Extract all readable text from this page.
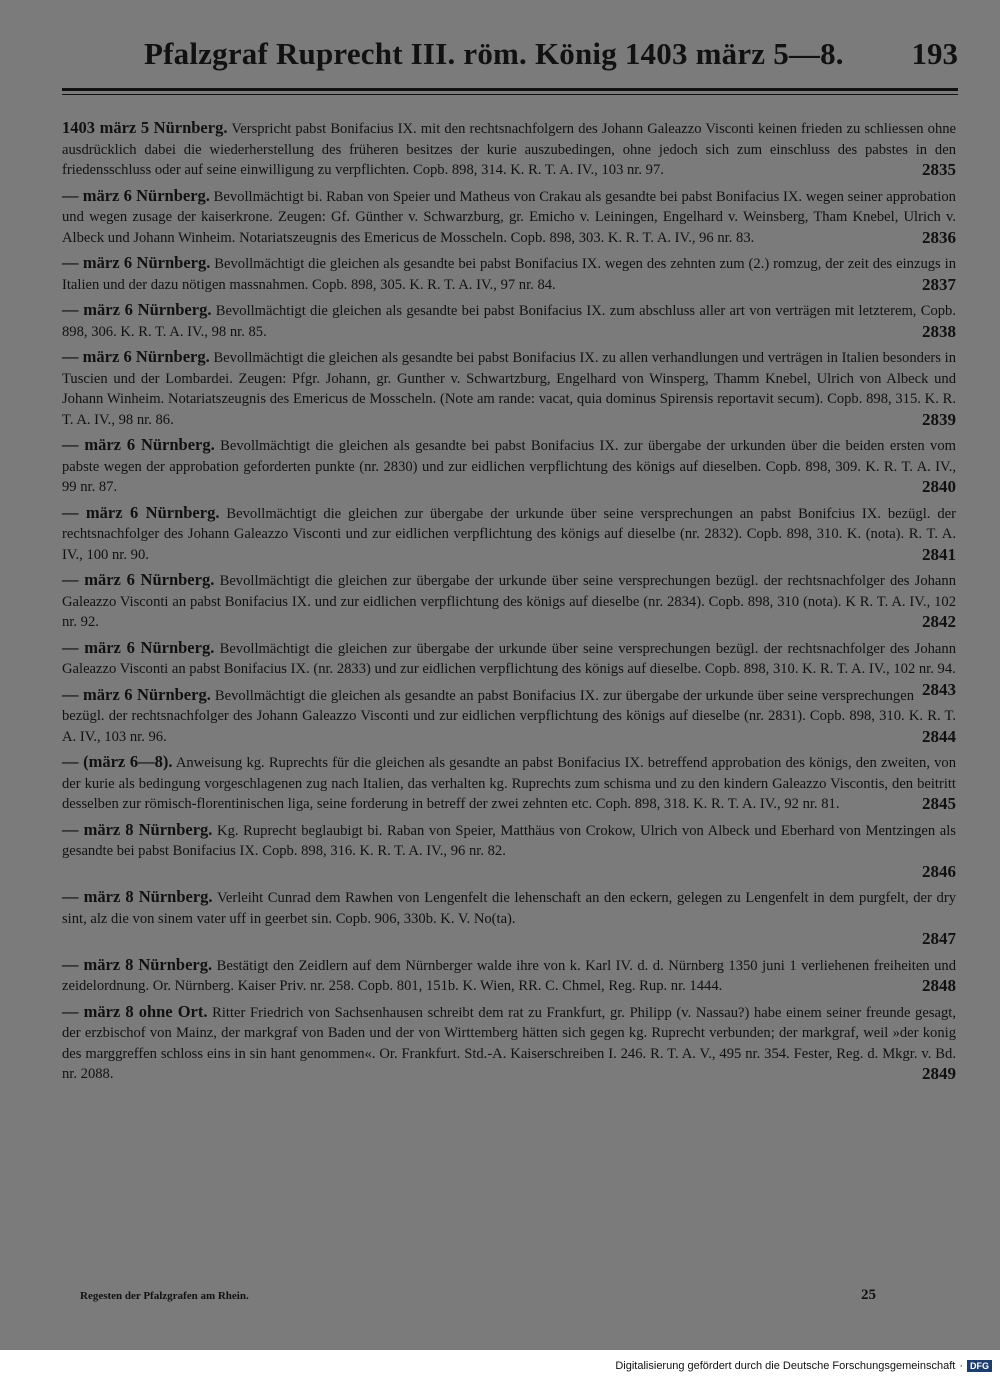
Pfalzgraf Ruprecht III. röm. König 1403 märz 5—8. 193

1403 märz 5 Nürnberg. Verspricht pabst Bonifacius IX. mit den rechtsnachfolgern des Johann Galeazzo Visconti keinen frieden zu schliessen ohne ausdrücklich dabei die wiederherstellung des früheren besitzes der kurie auszubedingen, ohne jedoch sich zum einschluss des pabstes in den friedensschluss oder auf seine einwilligung zu verpflichten. Copb. 898, 314. K. R. T. A. IV., 103 nr. 97.	2835

— märz 6 Nürnberg. Bevollmächtigt bi. Raban von Speier und Matheus von Crakau als gesandte bei pabst Bonifacius IX. wegen seiner approbation und wegen zusage der kaiserkrone. Zeugen: Gf. Günther v. Schwarzburg, gr. Emicho v. Leiningen, Engelhard v. Weinsberg, Tham Knebel, Ulrich v. Albeck und Johann Winheim. Notariatszeugnis des Emericus de Mosscheln. Copb. 898, 303. K. R. T. A. IV., 96 nr. 83.	2836

— märz 6 Nürnberg. Bevollmächtigt die gleichen als gesandte bei pabst Bonifacius IX. wegen des zehnten zum (2.) romzug, der zeit des einzugs in Italien und der dazu nötigen massnahmen. Copb. 898, 305. K. R. T. A. IV., 97 nr. 84.	2837

— märz 6 Nürnberg. Bevollmächtigt die gleichen als gesandte bei pabst Bonifacius IX. zum abschluss aller art von verträgen mit letzterem, Copb. 898, 306. K. R. T. A. IV., 98 nr. 85.	2838

— märz 6 Nürnberg. Bevollmächtigt die gleichen als gesandte bei pabst Bonifacius IX. zu allen verhandlungen und verträgen in Italien besonders in Tuscien und der Lombardei. Zeugen: Pfgr. Johann, gr. Gunther v. Schwartzburg, Engelhard von Winsperg, Thamm Knebel, Ulrich von Albeck und Johann Winheim. Notariatszeugnis des Emericus de Mosscheln. (Note am rande: vacat, quia dominus Spirensis reportavit secum). Copb. 898, 315. K. R. T. A. IV., 98 nr. 86.	2839

— märz 6 Nürnberg. Bevollmächtigt die gleichen als gesandte bei pabst Bonifacius IX. zur übergabe der urkunden über die beiden ersten vom pabste wegen der approbation geforderten punkte (nr. 2830) und zur eidlichen verpflichtung des königs auf dieselben. Copb. 898, 309. K. R. T. A. IV., 99 nr. 87.	2840

— märz 6 Nürnberg. Bevollmächtigt die gleichen zur übergabe der urkunde über seine versprechungen an pabst Bonifcius IX. bezügl. der rechtsnachfolger des Johann Galeazzo Visconti und zur eidlichen verpflichtung des königs auf dieselbe (nr. 2832). Copb. 898, 310. K. (nota). R. T. A. IV., 100 nr. 90.	2841

— märz 6 Nürnberg. Bevollmächtigt die gleichen zur übergabe der urkunde über seine versprechungen bezügl. der rechtsnachfolger des Johann Galeazzo Visconti an pabst Bonifacius IX. und zur eidlichen verpflichtung des königs auf dieselbe (nr. 2834). Copb. 898, 310 (nota). K R. T. A. IV., 102 nr. 92.	2842

— märz 6 Nürnberg. Bevollmächtigt die gleichen zur übergabe der urkunde über seine versprechungen bezügl. der rechtsnachfolger des Johann Galeazzo Visconti an pabst Bonifacius IX. (nr. 2833) und zur eidlichen verpflichtung des königs auf dieselbe. Copb. 898, 310. K. R. T. A. IV., 102 nr. 94.
2843

— märz 6 Nürnberg. Bevollmächtigt die gleichen als gesandte an pabst Bonifacius IX. zur übergabe der urkunde über seine versprechungen bezügl. der rechtsnachfolger des Johann Galeazzo Visconti und zur eidlichen verpflichtung des königs auf dieselbe (nr. 2831). Copb. 898, 310. K. R. T. A. IV., 103 nr. 96.	2844

— (märz 6—8). Anweisung kg. Ruprechts für die gleichen als gesandte an pabst Bonifacius IX. betreffend approbation des königs, den zweiten, von der kurie als bedingung vorgeschlagenen zug nach Italien, das verhalten kg. Ruprechts zum schisma und zu den kindern Galeazzo Viscontis, den beitritt desselben zur römisch-florentinischen liga, seine forderung in betreff der zwei zehnten etc. Coph. 898, 318. K. R. T. A. IV., 92 nr. 81.	2845

— märz 8 Nürnberg. Kg. Ruprecht beglaubigt bi. Raban von Speier, Matthäus von Crokow, Ulrich von Albeck und Eberhard von Mentzingen als gesandte bei pabst Bonifacius IX. Copb. 898, 316. K. R. T. A. IV., 96 nr. 82.
2846

— märz 8 Nürnberg. Verleiht Cunrad dem Rawhen von Lengenfelt die lehenschaft an den eckern, gelegen zu Lengenfelt in dem purgfelt, der dry sint, alz die von sinem vater uff in geerbet sin. Copb. 906, 330b. K. V. No(ta).
2847

— märz 8 Nürnberg. Bestätigt den Zeidlern auf dem Nürnberger walde ihre von k. Karl IV. d. d. Nürnberg 1350 juni 1 verliehenen freiheiten und zeidelordnung. Or. Nürnberg. Kaiser Priv. nr. 258. Copb. 801, 151b. K. Wien, RR. C. Chmel, Reg. Rup. nr. 1444.	2848

— märz 8 ohne Ort. Ritter Friedrich von Sachsenhausen schreibt dem rat zu Frankfurt, gr. Philipp (v. Nassau?) habe einem seiner freunde gesagt, der erzbischof von Mainz, der markgraf von Baden und der von Wirttemberg hätten sich gegen kg. Ruprecht verbunden; der markgraf, weil »der konig des marggreffen schloss eins in sin hant genommen«. Or. Frankfurt. Std.-A. Kaiserschreiben I. 246. R. T. A. V., 495 nr. 354. Fester, Reg. d. Mkgr. v. Bd. nr. 2088.	2849

Regesten der Pfalzgrafen am Rhein.	25
Digitalisierung gefördert durch die Deutsche Forschungsgemeinschaft · DFG
